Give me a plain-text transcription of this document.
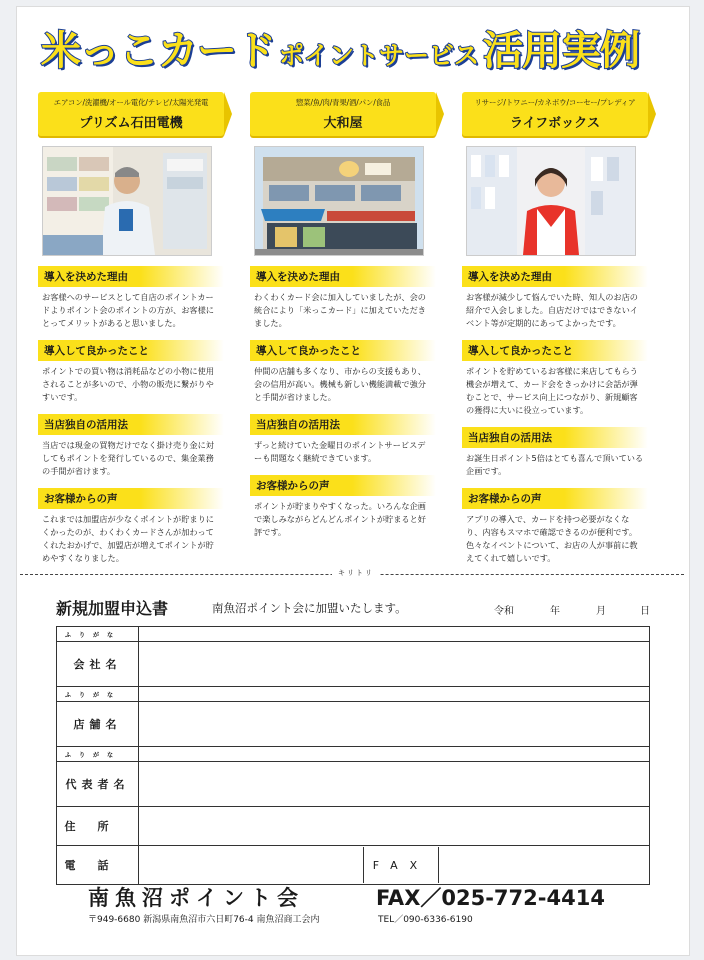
米っこカード ポイントサービス 活用実例
エアコン/洗濯機/オール電化/テレビ/太陽光発電
プリズム石田電機
導入を決めた理由
お客様へのサービスとして自店のポイントカードよりポイント会のポイントの方が、お客様にとってメリットがあると思いました。
導入して良かったこと
ポイントでの買い物は消耗品などの小物に使用されることが多いので、小物の販売に繋がりやすいです。
当店独自の活用法
当店では現金の買物だけでなく掛け売り金に対してもポイントを発行しているので、集金業務の手間が省けます。
お客様からの声
これまでは加盟店が少なくポイントが貯まりにくかったのが、わくわくカードさんが加わってくれたおかげで、加盟店が増えてポイントが貯めやすくなりました。
惣菜/魚/肉/青果/酒/パン/食品
大和屋
導入を決めた理由
わくわくカード会に加入していましたが、会の統合により「米っこカード」に加えていただきました。
導入して良かったこと
仲間の店舗も多くなり、市からの支援もあり、会の信用が高い。機械も新しい機能満載で強分と手間が省けました。
当店独自の活用法
ずっと続けていた金曜日のポイントサービスデーも問題なく継続できています。
お客様からの声
ポイントが貯まりやすくなった。いろんな企画で楽しみながらどんどんポイントが貯まると好評です。
リサージ/トワニー/カネボウ/コーセー/プレディア
ライフボックス
導入を決めた理由
お客様が減少して悩んでいた時、知人のお店の紹介で入会しました。自店だけではできないイベント等が定期的にあってよかったです。
導入して良かったこと
ポイントを貯めているお客様に来店してもらう機会が増えて、カード会をきっかけに会話が弾むことで、サービス向上につながり、新規顧客の獲得に大いに役立っています。
当店独自の活用法
お誕生日ポイント5倍はとても喜んで頂いている企画です。
お客様からの声
アプリの導入で、カードを持つ必要がなくなり、内容もスマホで確認できるのが便利です。色々なイベントについて、お店の人が事前に教えてくれて嬉しいです。
キリトリ
新規加盟申込書	南魚沼ポイント会に加盟いたします。	令和	年	月	日
ふりがな	
会社名	
ふりがな	
店舗名	
ふりがな	
代表者名	
住所	
電話	FAX
南魚沼ポイント会	FAX／025-772-4414
〒949-6680 新潟県南魚沼市六日町76-4 南魚沼商工会内	TEL／090-6336-6190
